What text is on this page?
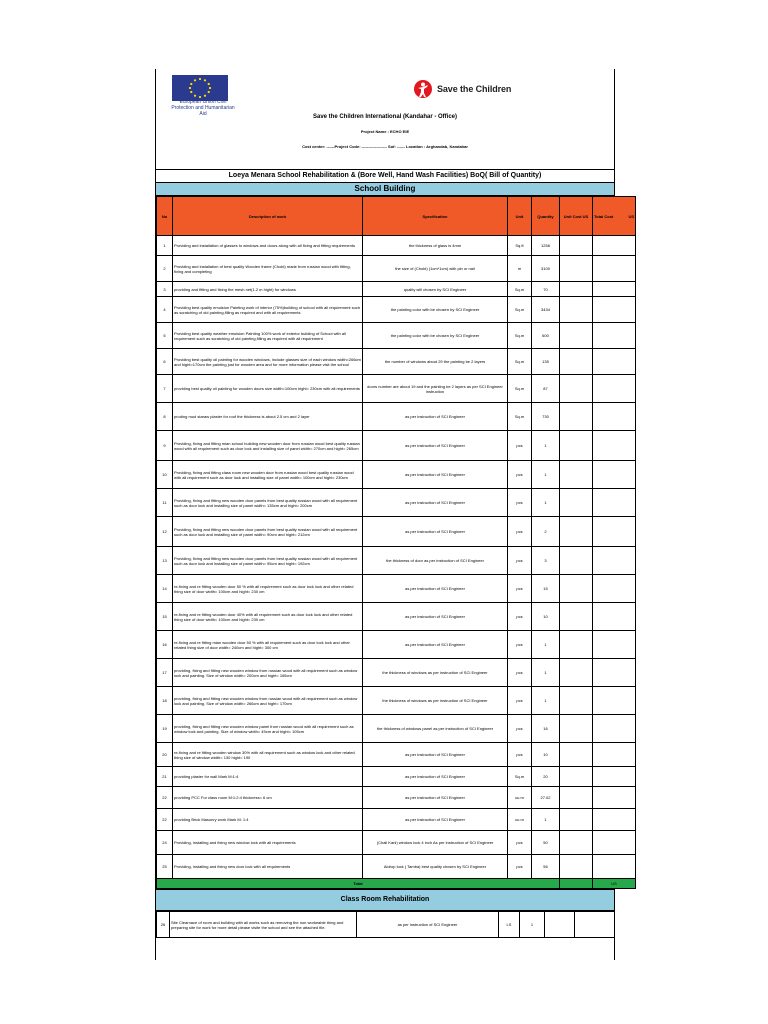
European Union Civil Protection and Humanitarian Aid
Save the Children
Save the Children International (Kandahar - Office)
Project Name : ECHO EIE
Cost center: ------Project Code: ------------------- Sof: ------ Location : Arghandab, Kandahar
Loeya Menara School Rehabilitation & (Bore Well, Hand Wash Facilities) BoQ( Bill of Quantity)
School Building
No	Description of work	Specification	Unit	Quantity	Unit Cost US	Total Cost US

1	Providing and installation of glasses to windows and doors along with all fixing and fitting requirements	the thickness of glass is 4mm	Sq.ft	1256		
2	Providing and installation of best quality Wooden frame (Chokt) made from russian wood with fitting, fixing and completing	the size of (Chokt) (1cm*1cm) with pin or nail	m	3100		
3	providing and fitting and fixing the mesh net(1.2 m hight) for windows	quality will chosen by SCI Engineer	Sq.m	70		
4	Providing best quality emulsion Painting work of interior (75%)building of school with all requirement such as scratching of old painting,filling as required and with all requirements	the painting color with be chosen by SCI Engineer	Sq.m	3434		
5	Providing best quality weather emulsion Painting 100% work of exterior building of School with all requirement such as scratching of old painting,filling as required with all requirement	the painting color with be chosen by SCI Engineer	Sq.m	600		
6	Providing best quality oil painting for wooden windows, include glasses size of each window width=266cm and hight=170cm the painting just for wooden area and for more information please visit the school	the number of windows about 29 the painting be 2 layers	Sq.m	135		
7	providing best quality oil painting for wooden doors size width=100cm hight= 230cm with all requirements	doors number are about 19 and the painting be 2 layers as per SCI Engineer instruction	Sq.m	87		
8	proding mud staraw plaster for roof the thickness is about 2.5 cm and 2 layer	as per instruction of SCI Engineer	Sq.m	730		
9	Providing, fixing and fitting mian school building new wooden door from russian wood best quality russian wood with all requirement such as door lock and installing size of panel width= 270cm and hight= 265cm	as per instruction of SCI Engineer	pcs	1		
10	Providing, fixing and fitting class room new wooden door from russian wood best quality russian wood with all requirement such as door lock and installing size of panel width= 100cm and hight= 230cm	as per instruction of SCI Engineer	pcs	1		
11	Providing, fixing and fitting new wooden door panels from best quality russian wood with all requirement such as door lock and installing size of panel width= 135cm and hight= 200cm	as per instruction of SCI Engineer	pcs	1		
12	Providing, fixing and fitting new wooden door panels from best quality russian wood with all requirement such as door lock and installing size of panel width= 90cm and hight= 212cm	as per instruction of SCI Engineer	pcs	2		
13	Providing, fixing and fitting new wooden door panels from best quality russian wood with all requirement such as door lock and installing size of panel width= 95cm and hight= 192cm	the thickness of door as per instruction of SCI Engineer	pcs	3		
14	re-fixing and re fitting wooden door 50 % with all requirement such as door lock lock and other related thing size of door width= 100cm and hight= 230 cm	as per instruction of SCI Engineer	pcs	15		
15	re-fixing and re fitting wooden door 40% with all requirement such as door lock lock and other related thing size of door width= 100cm and hight= 230 cm	as per instruction of SCI Engineer	pcs	10		
16	re-fixing and re fitting mian wooden door 50 % with all requirement such as door lock lock and other related thing size of door width= 240cm and hight= 300 cm	as per instruction of SCI Engineer	pcs	1		
17	providing, fixing and fitting new wooden window from russian wood with all requirement such as window lock and painting. Size of window width= 200cm and hight= 165cm	the thickness of windows as per instruction of SCI Engineer	pcs	1		
18	providing, fixing and fitting new wooden window from russian wood with all requirement such as window lock and painting. Size of window width= 266cm and hight= 170cm	the thickness of windows as per instruction of SCI Engineer	pcs	1		
19	providing, fixing and fitting new wooden window panel from russian wood with all requirement such as window lock and painting. Size of window width= 49cm and hight= 105cm	the thickness of windows panel as per instruction of SCI Engineer	pcs	16		
20	re-fixing and re fitting wooden window 30% with all requirement such as window lock and other related thing size of window width= 130 hight= 190	as per instruction of SCI Engineer	pcs	10		
21	providing plaster for wall Mark M:1:4	as per instruction of SCI Engineer	Sq.m	20		
22	providing PCC For class room M:1:2:4 thickness= 6 cm	as per instruction of SCI Engineer	cu.m	27.02		
22	providing Brick Masonry work Mark M: 1:4	as per instruction of SCI Engineer	cu.m	1		
24	Providing, installing and fixing new window lock with all requirements	(Chail Kani) window lock 4 inch As per instruction of SCI Engineer	pcs	50		
25	Providing, installing and fixing new door lock with all requirements	Aldrop lock ( Tamba) best quality chosen by SCI Engineer	pcs	56		
Total						US
Class Room Rehabilitation
26	Site Clearnace of room and building with all works such as removing the non workeable thing and preparing site for work for more detail please visite the school and see the attached file.	as per instruction of SCI Engineer	LS	1		
